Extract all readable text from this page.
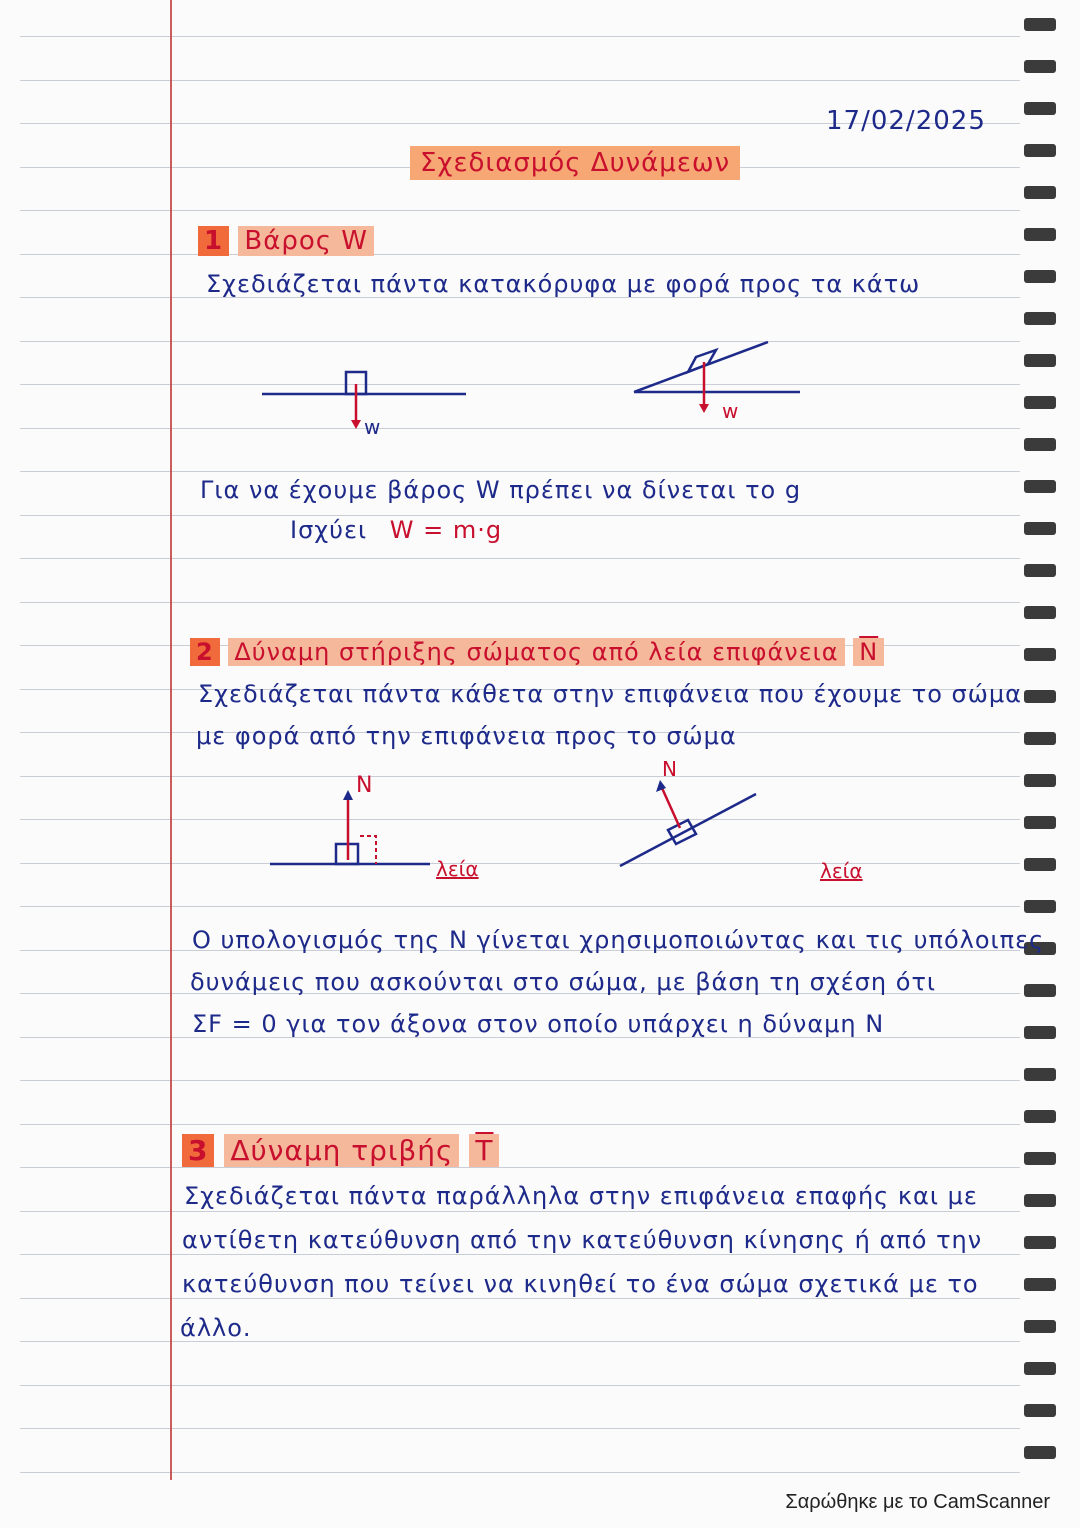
17/02/2025
Σχεδιασμός Δυνάμεων
1 Βάρος W
Σχεδιάζεται πάντα κατακόρυφα με φορά προς τα κάτω
w
w
Για να έχουμε βάρος W πρέπει να δίνεται το g
Ισχύει W = m·g
2 Δύναμη στήριξης σώματος από λεία επιφάνεια $\overline{N}$
Σχεδιάζεται πάντα κάθετα στην επιφάνεια που έχουμε το σώμα
με φορά από την επιφάνεια προς το σώμα
N
λεία
N
λεία
Ο υπολογισμός της N γίνεται χρησιμοποιώντας και τις υπόλοιπες
δυνάμεις που ασκούνται στο σώμα, με βάση τη σχέση ότι
ΣF = 0 για τον άξονα στον οποίο υπάρχει η δύναμη N
3 Δύναμη τριβής $\overline{T}$
Σχεδιάζεται πάντα παράλληλα στην επιφάνεια επαφής και με
αντίθετη κατεύθυνση από την κατεύθυνση κίνησης ή από την
κατεύθυνση που τείνει να κινηθεί το ένα σώμα σχετικά με το
άλλο.
Σαρώθηκε με το CamScanner
